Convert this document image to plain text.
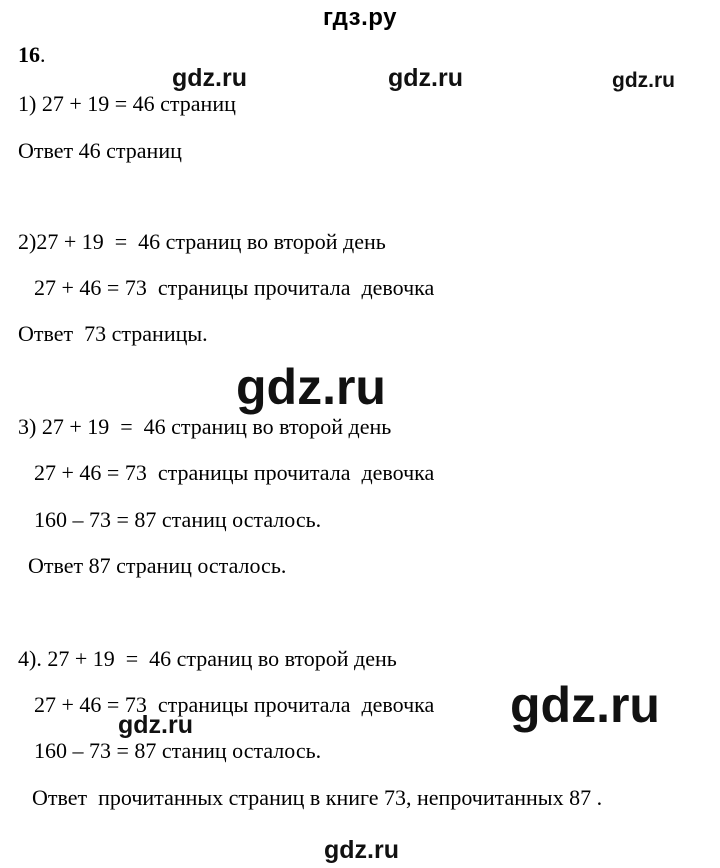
гдз.ру
16.
1) 27 + 19 = 46 страниц
Ответ 46 страниц
2)27 + 19  =  46 страниц во второй день
27 + 46 = 73  страницы прочитала  девочка
Ответ  73 страницы.
3) 27 + 19  =  46 страниц во второй день
27 + 46 = 73  страницы прочитала  девочка
160 – 73 = 87 станиц осталось.
Ответ 87 страниц осталось.
4). 27 + 19  =  46 страниц во второй день
27 + 46 = 73  страницы прочитала  девочка
160 – 73 = 87 станиц осталось.
Ответ  прочитанных страниц в книге 73, непрочитанных 87 .
gdz.ru	gdz.ru	gdz.ru
gdz.ru
gdz.ru
gdz.ru
gdz.ru
